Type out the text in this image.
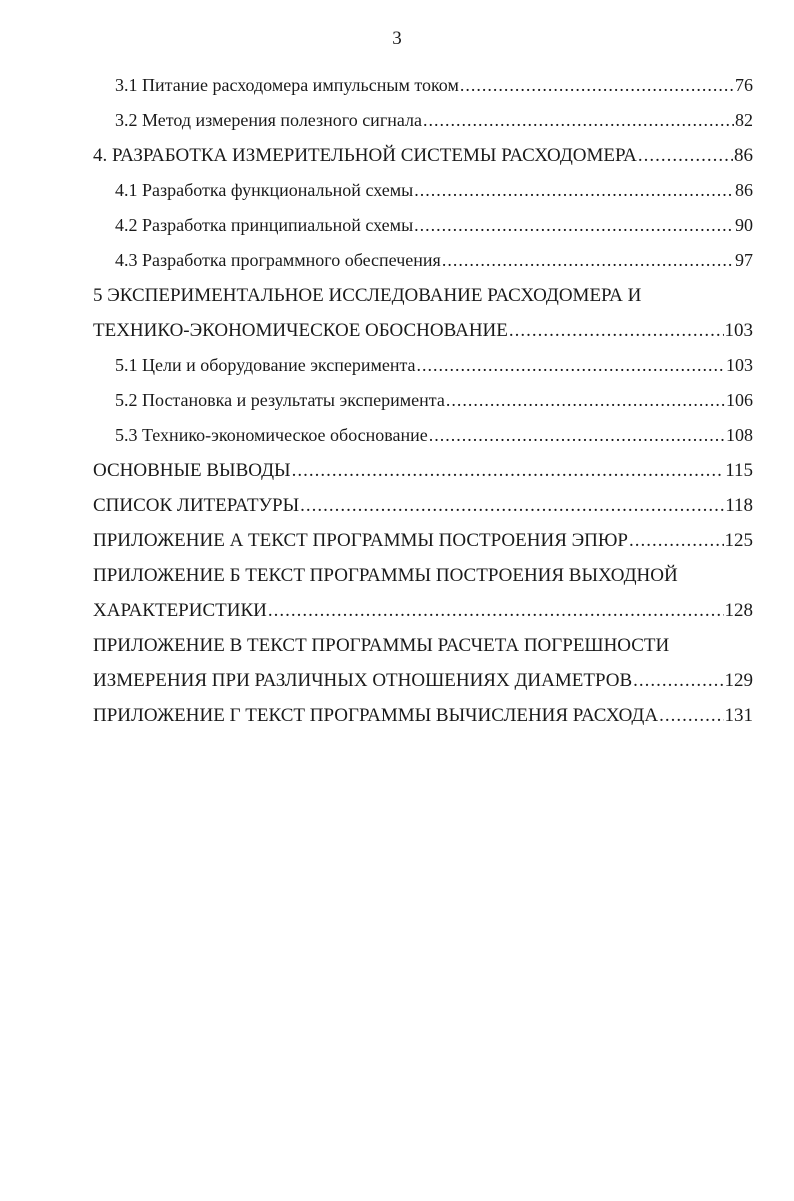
3
3.1 Питание расходомера импульсным током .....	76
3.2 Метод измерения полезного сигнала .....	82
4. РАЗРАБОТКА ИЗМЕРИТЕЛЬНОЙ СИСТЕМЫ РАСХОДОМЕРА .....	86
4.1 Разработка функциональной схемы .....	86
4.2 Разработка принципиальной схемы .....	90
4.3 Разработка программного обеспечения .....	97
5 ЭКСПЕРИМЕНТАЛЬНОЕ ИССЛЕДОВАНИЕ РАСХОДОМЕРА И
ТЕХНИКО-ЭКОНОМИЧЕСКОЕ ОБОСНОВАНИЕ .....	103
5.1 Цели и оборудование эксперимента .....	103
5.2 Постановка и результаты эксперимента .....	106
5.3 Технико-экономическое обоснование .....	108
ОСНОВНЫЕ ВЫВОДЫ .....	115
СПИСОК ЛИТЕРАТУРЫ .....	118
ПРИЛОЖЕНИЕ А ТЕКСТ ПРОГРАММЫ ПОСТРОЕНИЯ ЭПЮР .....	125
ПРИЛОЖЕНИЕ Б ТЕКСТ ПРОГРАММЫ ПОСТРОЕНИЯ ВЫХОДНОЙ
ХАРАКТЕРИСТИКИ .....	128
ПРИЛОЖЕНИЕ В ТЕКСТ ПРОГРАММЫ РАСЧЕТА ПОГРЕШНОСТИ
ИЗМЕРЕНИЯ ПРИ РАЗЛИЧНЫХ ОТНОШЕНИЯХ ДИАМЕТРОВ .....	129
ПРИЛОЖЕНИЕ Г ТЕКСТ ПРОГРАММЫ ВЫЧИСЛЕНИЯ РАСХОДА .....	131
